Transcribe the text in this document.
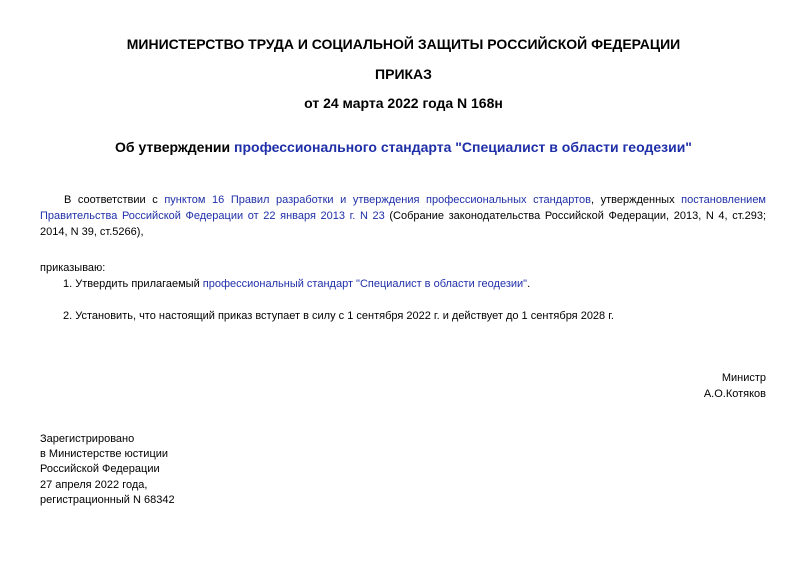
МИНИСТЕРСТВО ТРУДА И СОЦИАЛЬНОЙ ЗАЩИТЫ РОССИЙСКОЙ ФЕДЕРАЦИИ
ПРИКАЗ
от 24 марта 2022 года N 168н
Об утверждении профессионального стандарта "Специалист в области геодезии"
В соответствии с пунктом 16 Правил разработки и утверждения профессиональных стандартов, утвержденных постановлением Правительства Российской Федерации от 22 января 2013 г. N 23 (Собрание законодательства Российской Федерации, 2013, N 4, ст.293; 2014, N 39, ст.5266),
приказываю:
1. Утвердить прилагаемый профессиональный стандарт "Специалист в области геодезии".
2. Установить, что настоящий приказ вступает в силу с 1 сентября 2022 г. и действует до 1 сентября 2028 г.
Министр
А.О.Котяков
Зарегистрировано
в Министерстве юстиции
Российской Федерации
27 апреля 2022 года,
регистрационный N 68342
